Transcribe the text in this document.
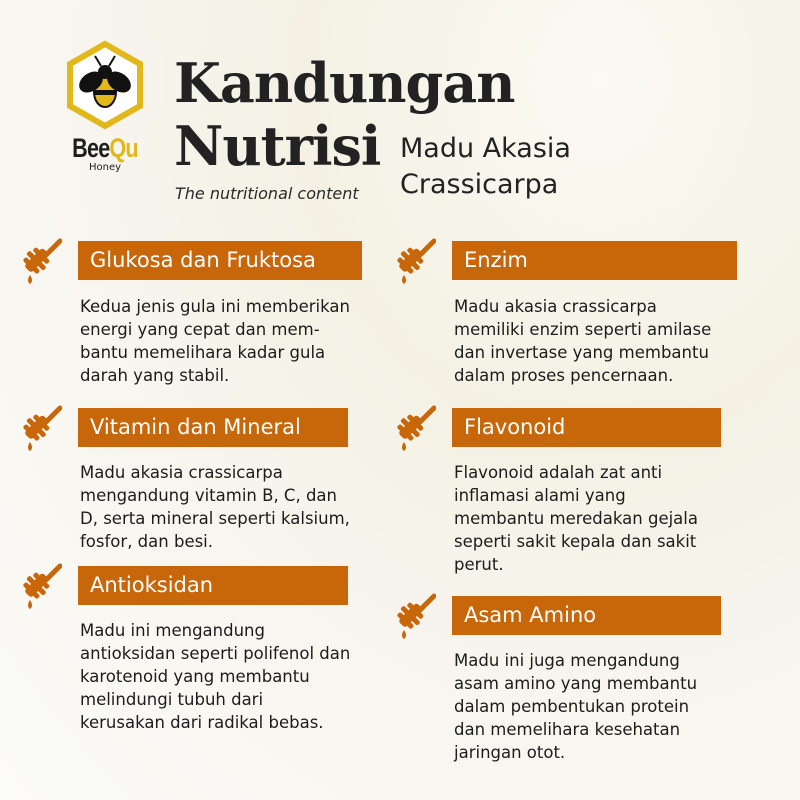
BeeQu
Honey
Kandungan
Nutrisi
The nutritional content
Madu Akasia
Crassicarpa
Glukosa dan Fruktosa
Kedua jenis gula ini memberikan
energi yang cepat dan mem-
bantu memelihara kadar gula
darah yang stabil.
Enzim
Madu akasia crassicarpa
memiliki enzim seperti amilase
dan invertase yang membantu
dalam proses pencernaan.
Vitamin dan Mineral
Madu akasia crassicarpa
mengandung vitamin B, C, dan
D, serta mineral seperti kalsium,
fosfor, dan besi.
Flavonoid
Flavonoid adalah zat anti
inflamasi alami yang
membantu meredakan gejala
seperti sakit kepala dan sakit
perut.
Antioksidan
Madu ini mengandung
antioksidan seperti polifenol dan
karotenoid yang membantu
melindungi tubuh dari
kerusakan dari radikal bebas.
Asam Amino
Madu ini juga mengandung
asam amino yang membantu
dalam pembentukan protein
dan memelihara kesehatan
jaringan otot.
